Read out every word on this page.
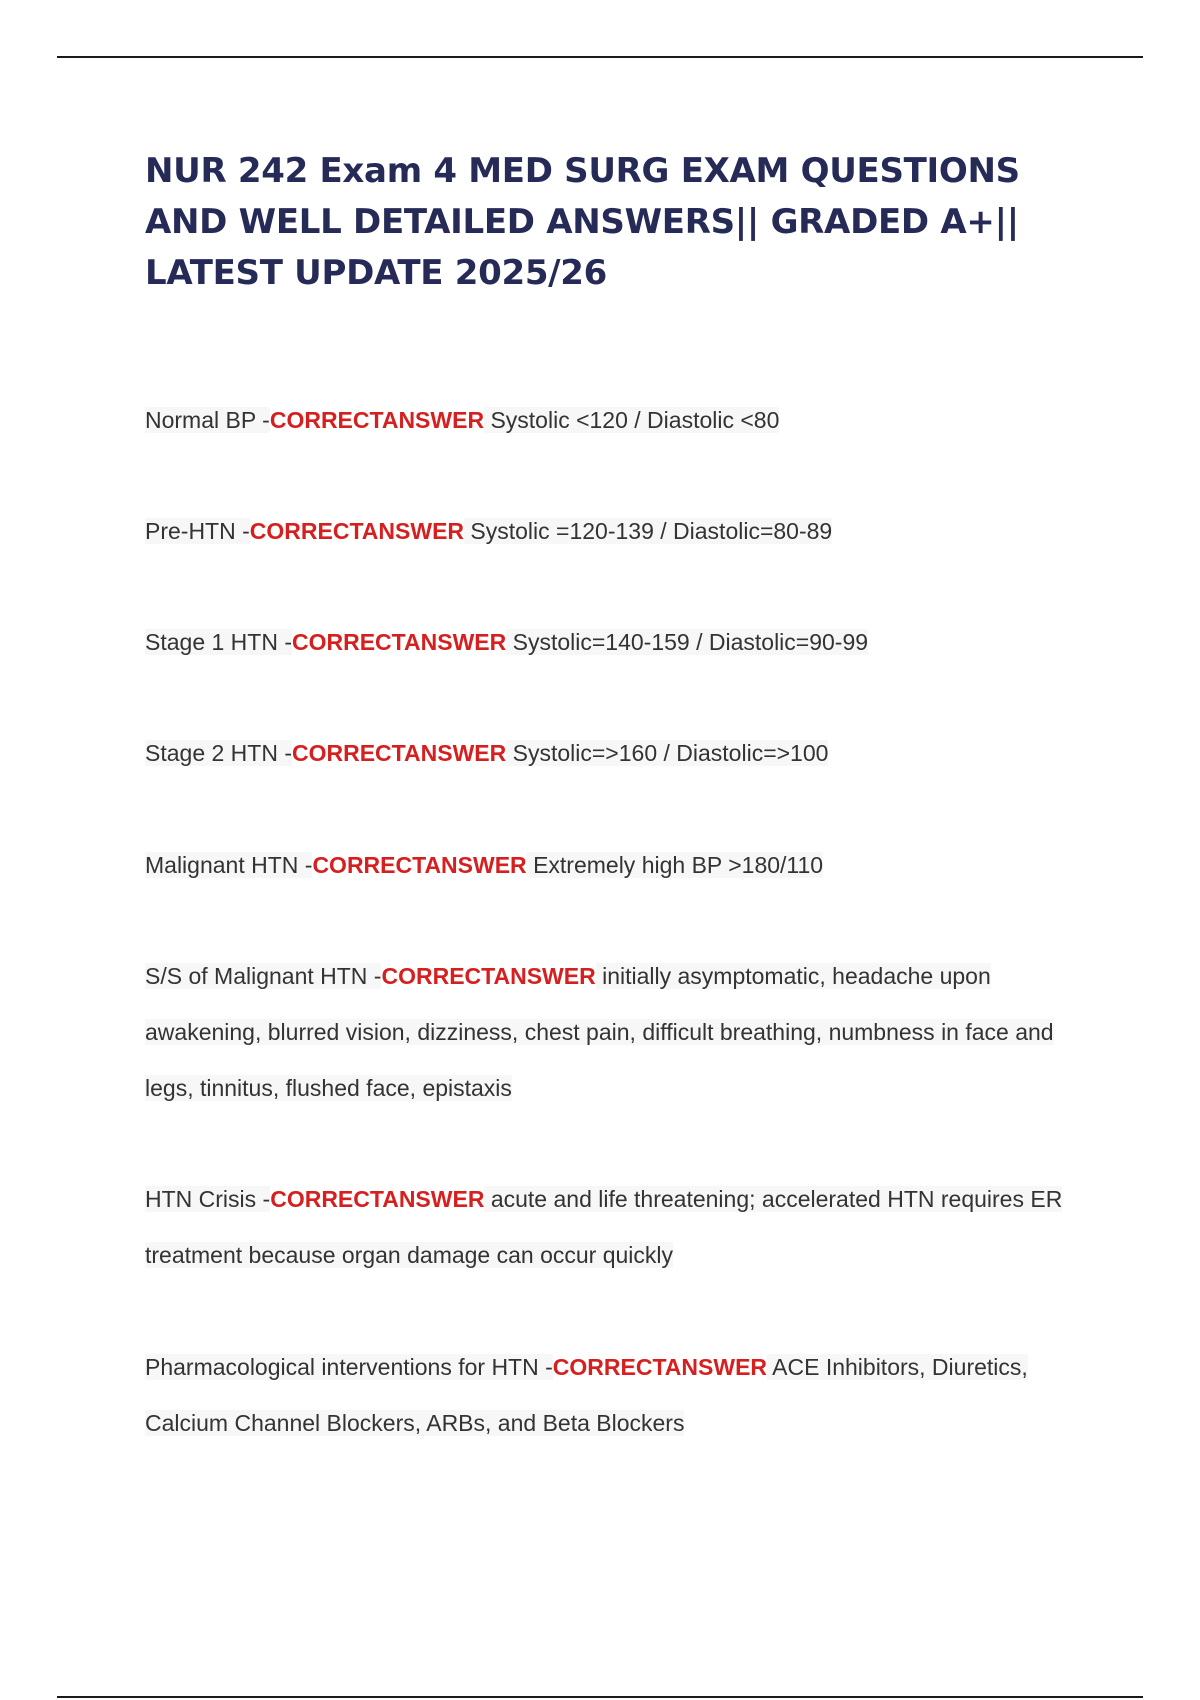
NUR 242 Exam 4 MED SURG EXAM QUESTIONS AND WELL DETAILED ANSWERS|| GRADED A+|| LATEST UPDATE 2025/26

Normal BP -CORRECTANSWER Systolic <120 / Diastolic <80

Pre-HTN -CORRECTANSWER Systolic =120-139 / Diastolic=80-89

Stage 1 HTN -CORRECTANSWER Systolic=140-159 / Diastolic=90-99

Stage 2 HTN -CORRECTANSWER Systolic=>160 / Diastolic=>100

Malignant HTN -CORRECTANSWER Extremely high BP >180/110

S/S of Malignant HTN -CORRECTANSWER initially asymptomatic, headache upon awakening, blurred vision, dizziness, chest pain, difficult breathing, numbness in face and legs, tinnitus, flushed face, epistaxis

HTN Crisis -CORRECTANSWER acute and life threatening; accelerated HTN requires ER treatment because organ damage can occur quickly

Pharmacological interventions for HTN -CORRECTANSWER ACE Inhibitors, Diuretics, Calcium Channel Blockers, ARBs, and Beta Blockers
